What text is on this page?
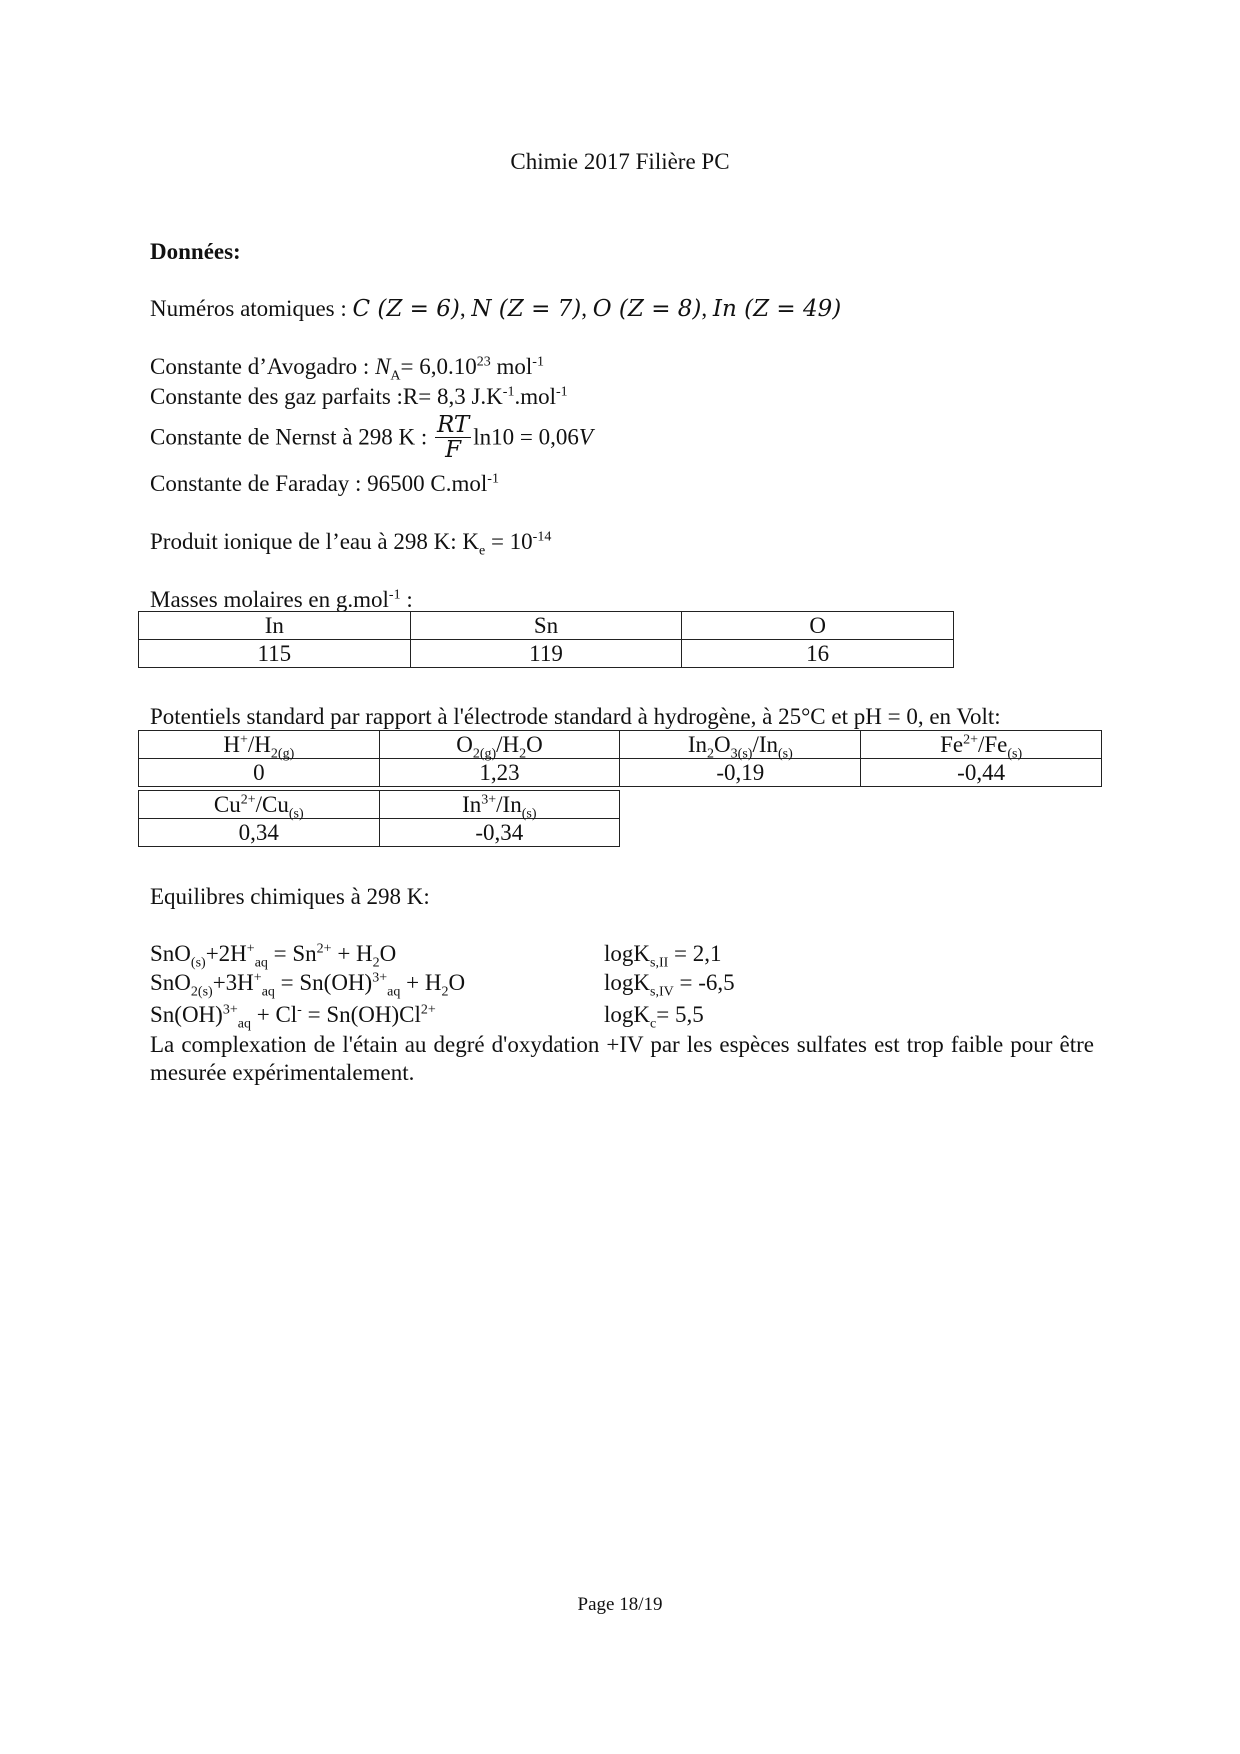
Chimie 2017 Filière PC
Données:
Numéros atomiques : C (Z = 6), N (Z = 7), O (Z = 8), In (Z = 49)
Constante d’Avogadro : $N_A= 6,0.10^{23}$ mol$^{-1}$
Constante des gaz parfaits :R= 8,3 $J.K^{-1}.mol^{-1}$
Constante de Nernst à 298 K : $\frac{RT}{F} \ln 10 = 0,06V$
Constante de Faraday : 96500 C.mol$^{-1}$
Produit ionique de l’eau à 298 K: $K_e = 10^{-14}$
Masses molaires en g.mol$^{-1}$ :
In	Sn	O
115	119	16
Potentiels standard par rapport à l'électrode standard à hydrogène, à 25°C et pH = 0, en Volt:
$H^+/H_{2(g)}$	$O_{2(g)}/H_2O$	$In_2O_{3(s)}/In_{(s)}$	$Fe^{2+}/Fe_{(s)}$
0	1,23	-0,19	-0,44
$Cu^{2+}/Cu_{(s)}$	$In^{3+}/In_{(s)}$
0,34	-0,34
Equilibres chimiques à 298 K:
$SnO_{(s)}+2H^+_{aq} = Sn^{2+} + H_2O$	logK$_{s,II}$ = 2,1
$SnO_{2(s)}+3H^+_{aq} = Sn(OH)^{3+}_{aq} + H_2O$	logK$_{s,IV}$ = -6,5
$Sn(OH)^{3+}_{aq} + Cl^- = Sn(OH)Cl^{2+}$	logK$_c$= 5,5
La complexation de l'étain au degré d'oxydation +IV par les espèces sulfates est trop faible pour être mesurée expérimentalement.
Page 18/19
